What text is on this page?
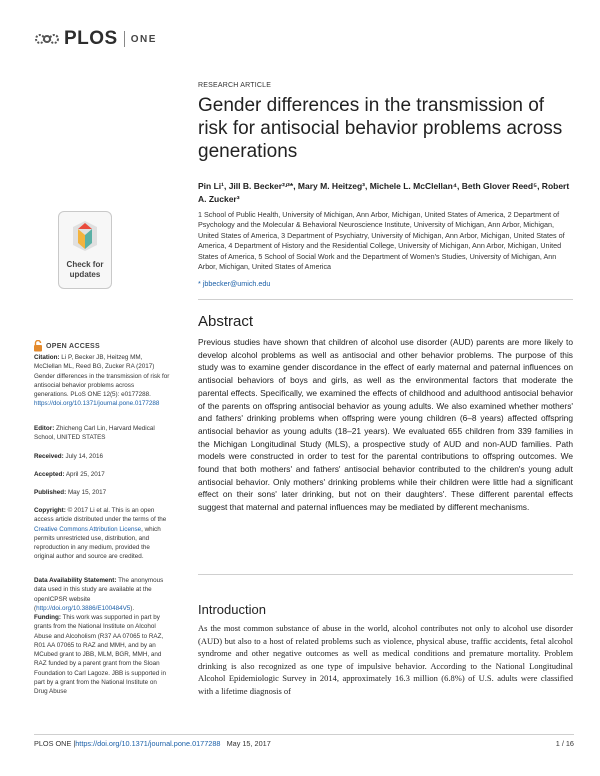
PLOS ONE
RESEARCH ARTICLE
Gender differences in the transmission of risk for antisocial behavior problems across generations
Pin Li¹, Jill B. Becker²ʴ³*, Mary M. Heitzeg³, Michele L. McClellan⁴, Beth Glover Reed⁵, Robert A. Zucker³
1 School of Public Health, University of Michigan, Ann Arbor, Michigan, United States of America, 2 Department of Psychology and the Molecular & Behavioral Neuroscience Institute, University of Michigan, Ann Arbor, Michigan, United States of America, 3 Department of Psychiatry, University of Michigan, Ann Arbor, Michigan, United States of America, 4 Department of History and the Residential College, University of Michigan, Ann Arbor, Michigan, United States of America, 5 School of Social Work and the Department of Women's Studies, University of Michigan, Ann Arbor, Michigan, United States of America
* jbbecker@umich.edu
Check for
updates
OPEN ACCESS
Citation: Li P, Becker JB, Heitzeg MM, McClellan ML, Reed BG, Zucker RA (2017) Gender differences in the transmission of risk for antisocial behavior problems across generations. PLoS ONE 12(5): e0177288. https://doi.org/10.1371/journal.pone.0177288
Editor: Zhicheng Carl Lin, Harvard Medical School, UNITED STATES
Received: July 14, 2016
Accepted: April 25, 2017
Published: May 15, 2017
Copyright: © 2017 Li et al. This is an open access article distributed under the terms of the Creative Commons Attribution License, which permits unrestricted use, distribution, and reproduction in any medium, provided the original author and source are credited.
Data Availability Statement: The anonymous data used in this study are available at the openICPSR website (http://doi.org/10.3886/E100484V5).
Funding: This work was supported in part by grants from the National Institute on Alcohol Abuse and Alcoholism (R37 AA 07065 to RAZ, R01 AA 07065 to RAZ and MMH, and by an MCubed grant to JBB, MLM, BGR, MMH, and RAZ funded by a parent grant from the Sloan Foundation to Carl Lagoze. JBB is supported in part by a grant from the National Institute on Drug Abuse
Abstract
Previous studies have shown that children of alcohol use disorder (AUD) parents are more likely to develop alcohol problems as well as antisocial and other behavior problems. The purpose of this study was to examine gender discordance in the effect of early maternal and paternal influences on antisocial behaviors of boys and girls, as well as the environmental factors that moderate the parental effects. Specifically, we examined the effects of childhood and adulthood antisocial behavior of the parents on offspring antisocial behavior as young adults. We also examined whether mothers' and fathers' drinking problems when offspring were young children (6–8 years) affected offspring antisocial behavior as young adults (18–21 years). We evaluated 655 children from 339 families in the Michigan Longitudinal Study (MLS), a prospective study of AUD and non-AUD families. Path models were constructed in order to test for the parental contributions to offspring outcomes. We found that both mothers' and fathers' antisocial behavior contributed to the children's young adult antisocial behavior. Only mothers' drinking problems while their children were little had a significant effect on their sons' later drinking, but not on their daughters'. These different parental effects suggest that maternal and paternal influences may be mediated by different mechanisms.
Introduction
As the most common substance of abuse in the world, alcohol contributes not only to alcohol use disorder (AUD) but also to a host of related problems such as violence, physical abuse, traffic accidents, fetal alcohol syndrome and other negative outcomes as well as medical conditions and premature mortality. Problem drinking is also recognized as one type of impulsive behavior. According to the National Longitudinal Alcohol Epidemiologic Survey in 2014, approximately 16.3 million (6.8%) of U.S. adults were classified with a lifetime diagnosis of
PLOS ONE | https://doi.org/10.1371/journal.pone.0177288 May 15, 2017	1 / 16
